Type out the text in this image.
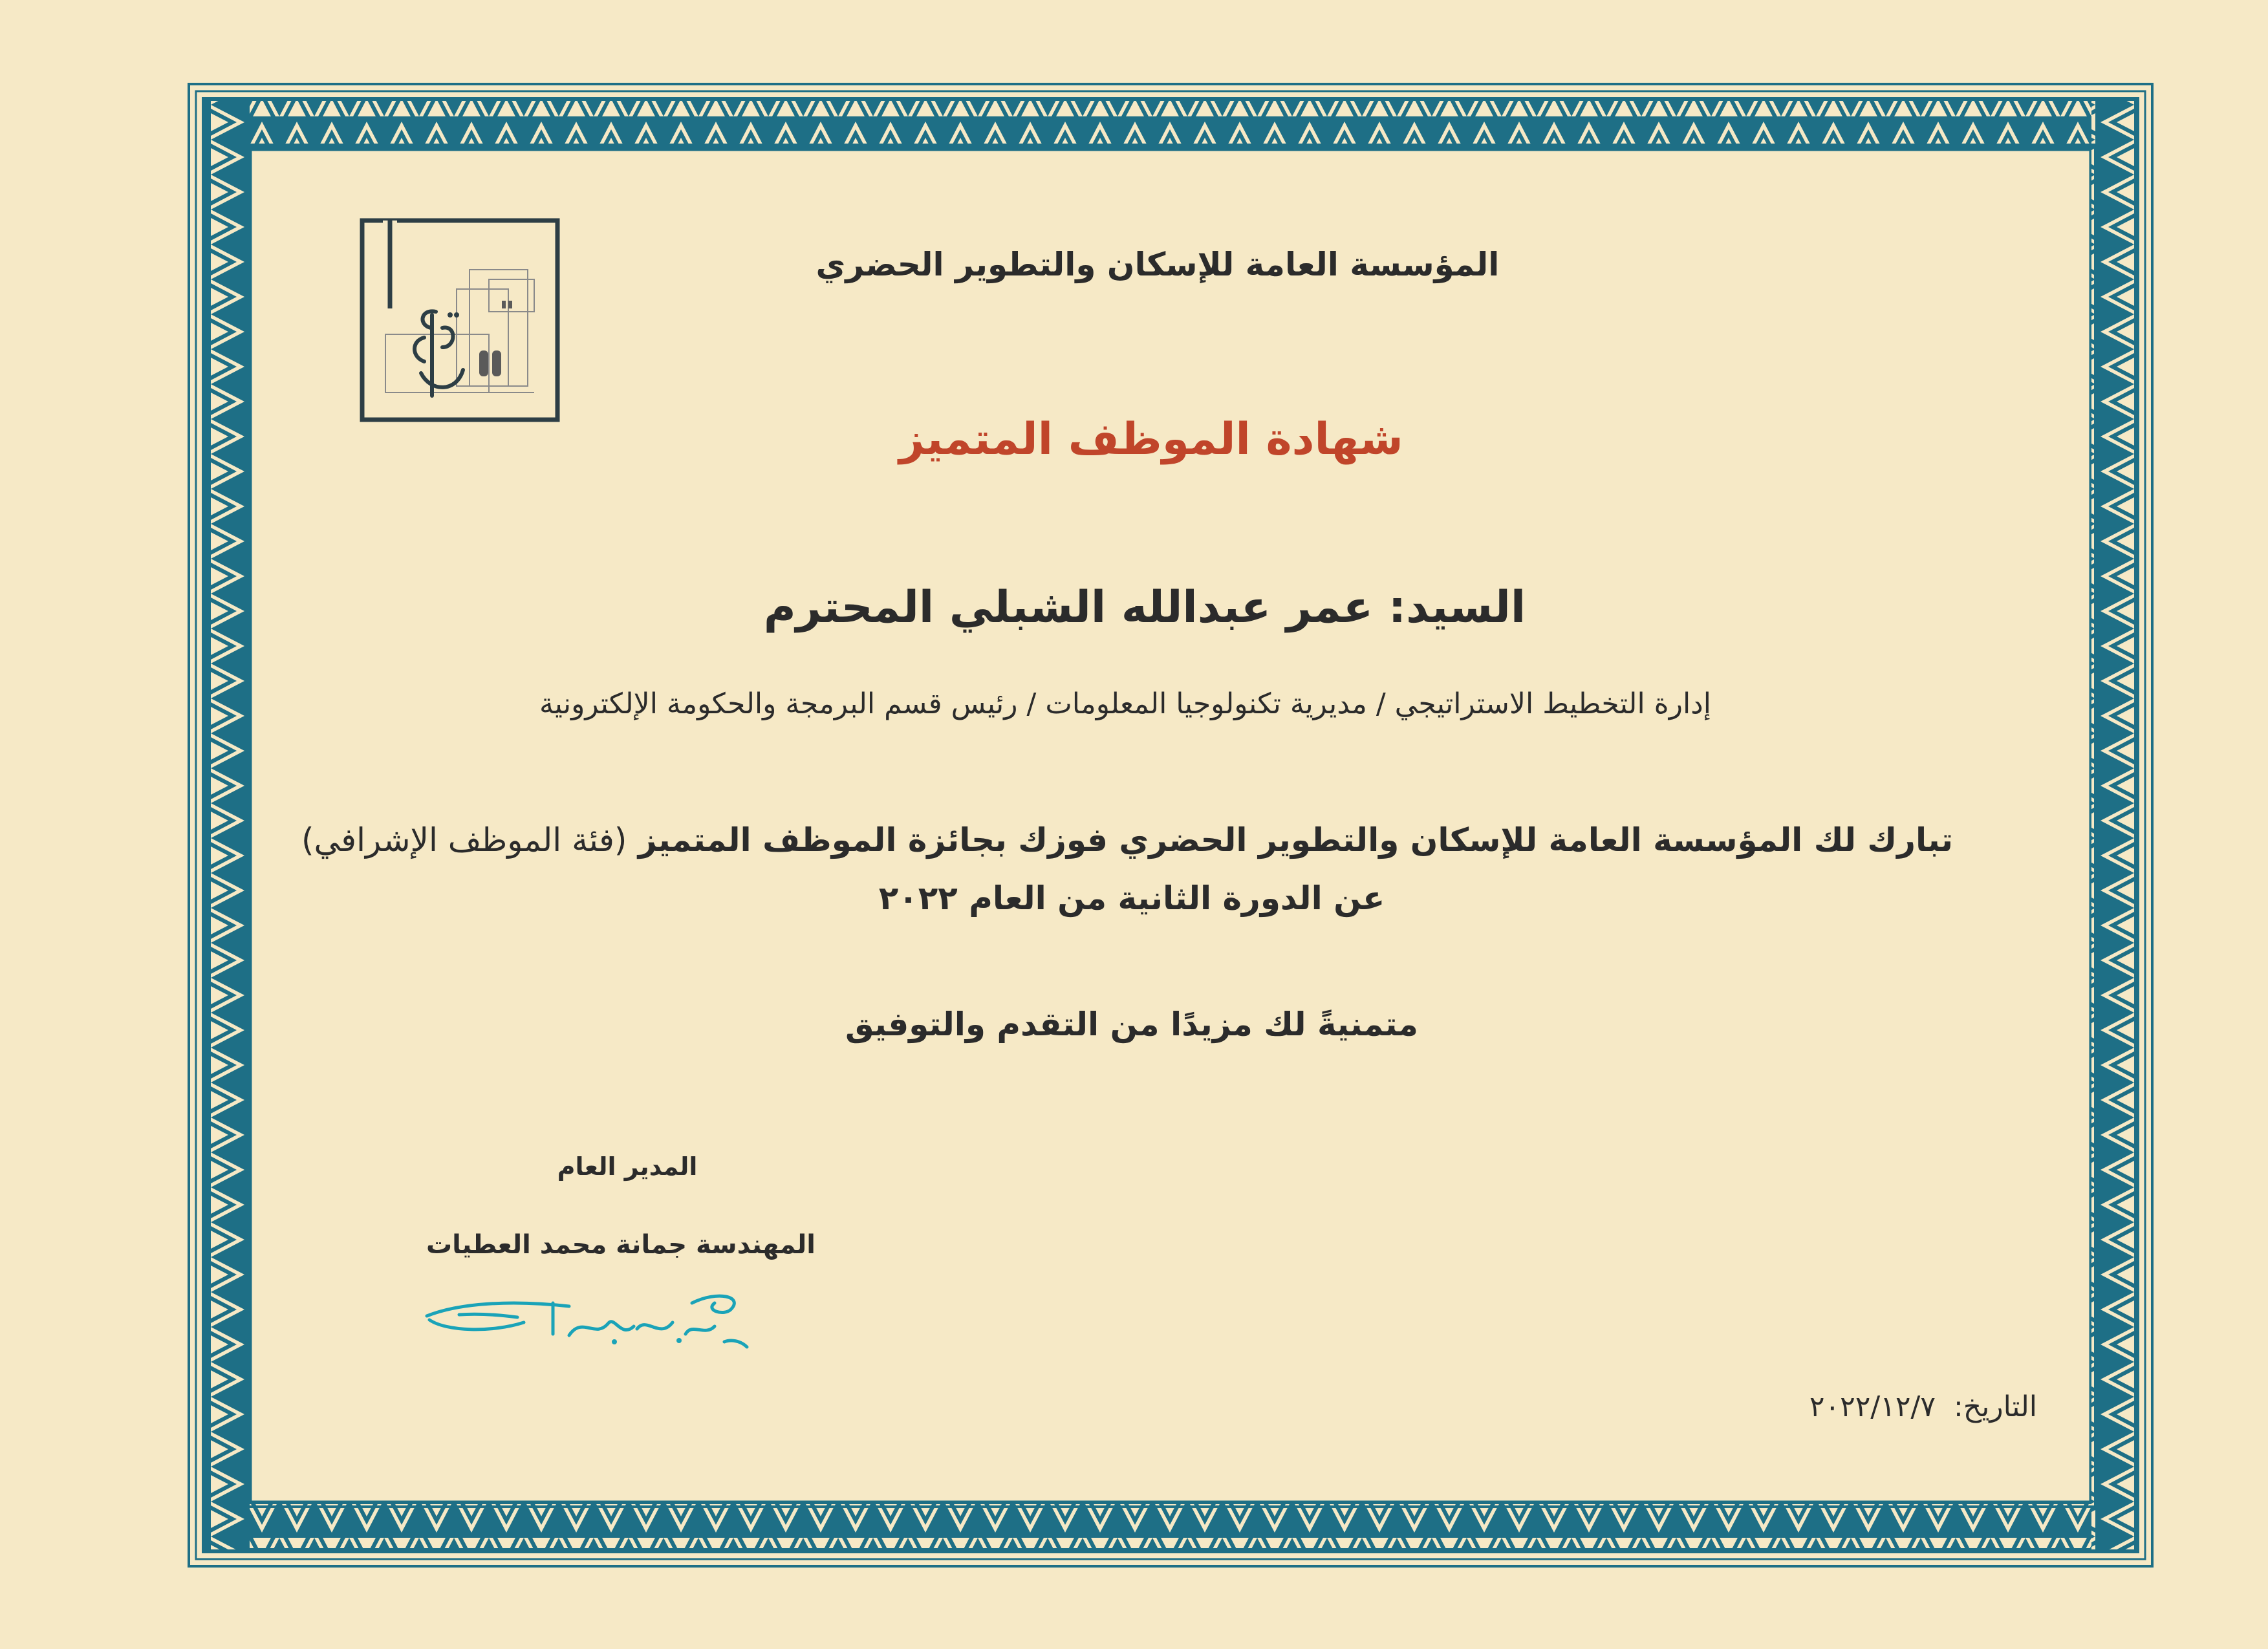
المؤسسة العامة للإسكان والتطوير الحضري
شهادة الموظف المتميز
السيد: عمر عبدالله الشبلي المحترم
إدارة التخطيط الاستراتيجي / مديرية تكنولوجيا المعلومات / رئيس قسم البرمجة والحكومة الإلكترونية
تبارك لك المؤسسة العامة للإسكان والتطوير الحضري فوزك بجائزة الموظف المتميز (فئة الموظف الإشرافي)
عن الدورة الثانية من العام ٢٠٢٢
متمنيةً لك مزيدًا من التقدم والتوفيق
المدير العام
المهندسة جمانة محمد العطيات
التاريخ: ٢٠٢٢/١٢/٧
